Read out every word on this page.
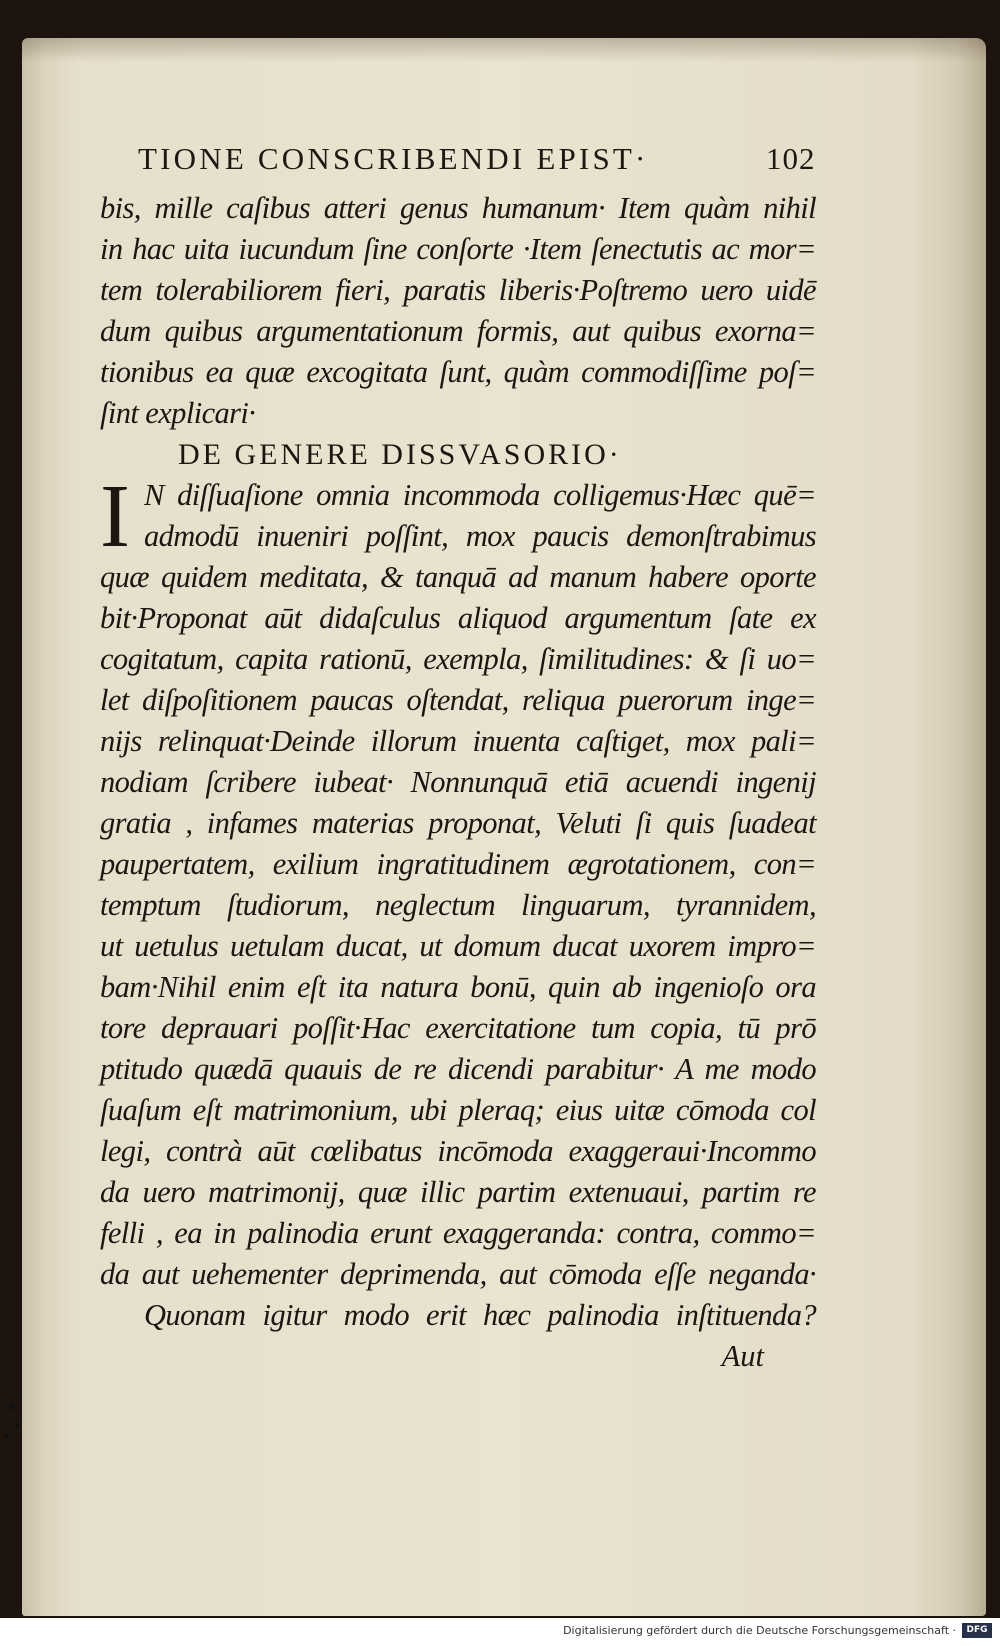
TIONE CONSCRIBENDI EPIST·	102
bis, mille caſibus atteri genus humanum· Item quàm nihil
in hac uita iucundum ſine conſorte ·Item ſenectutis ac mor=
tem tolerabiliorem fieri, paratis liberis·Poſtremo uero uidē
dum quibus argumentationum formis, aut quibus exorna=
tionibus ea quæ excogitata ſunt, quàm commodiſſime poſ=
ſint explicari·
DE GENERE DISSVASORIO·
I N diſſuaſione omnia incommoda colligemus·Hæc quē=
admodū inueniri poſſint, mox paucis demonſtrabimus
quæ quidem meditata, & tanquā ad manum habere oporte
bit·Proponat aūt didaſculus aliquod argumentum ſate ex
cogitatum, capita rationū, exempla, ſimilitudines: & ſi uo=
let diſpoſitionem paucas oſtendat, reliqua puerorum inge=
nijs relinquat·Deinde illorum inuenta caſtiget, mox pali=
nodiam ſcribere iubeat· Nonnunquā etiā acuendi ingenij
gratia , infames materias proponat, Veluti ſi quis ſuadeat
paupertatem, exilium ingratitudinem ægrotationem, con=
temptum ſtudiorum, neglectum linguarum, tyrannidem,
ut uetulus uetulam ducat, ut domum ducat uxorem impro=
bam·Nihil enim eſt ita natura bonū, quin ab ingenioſo ora
tore deprauari poſſit·Hac exercitatione tum copia, tū prō
ptitudo quædā quauis de re dicendi parabitur· A me modo
ſuaſum eſt matrimonium, ubi pleraq; eius uitæ cōmoda col
legi, contrà aūt cœlibatus incōmoda exaggeraui·Incommo
da uero matrimonij, quæ illic partim extenuaui, partim re
felli , ea in palinodia erunt exaggeranda: contra, commo=
da aut uehementer deprimenda, aut cōmoda eſſe neganda·
Quonam igitur modo erit hæc palinodia inſtituenda?
Aut
Digitalisierung gefördert durch die Deutsche Forschungsgemeinschaft ·	DFG
